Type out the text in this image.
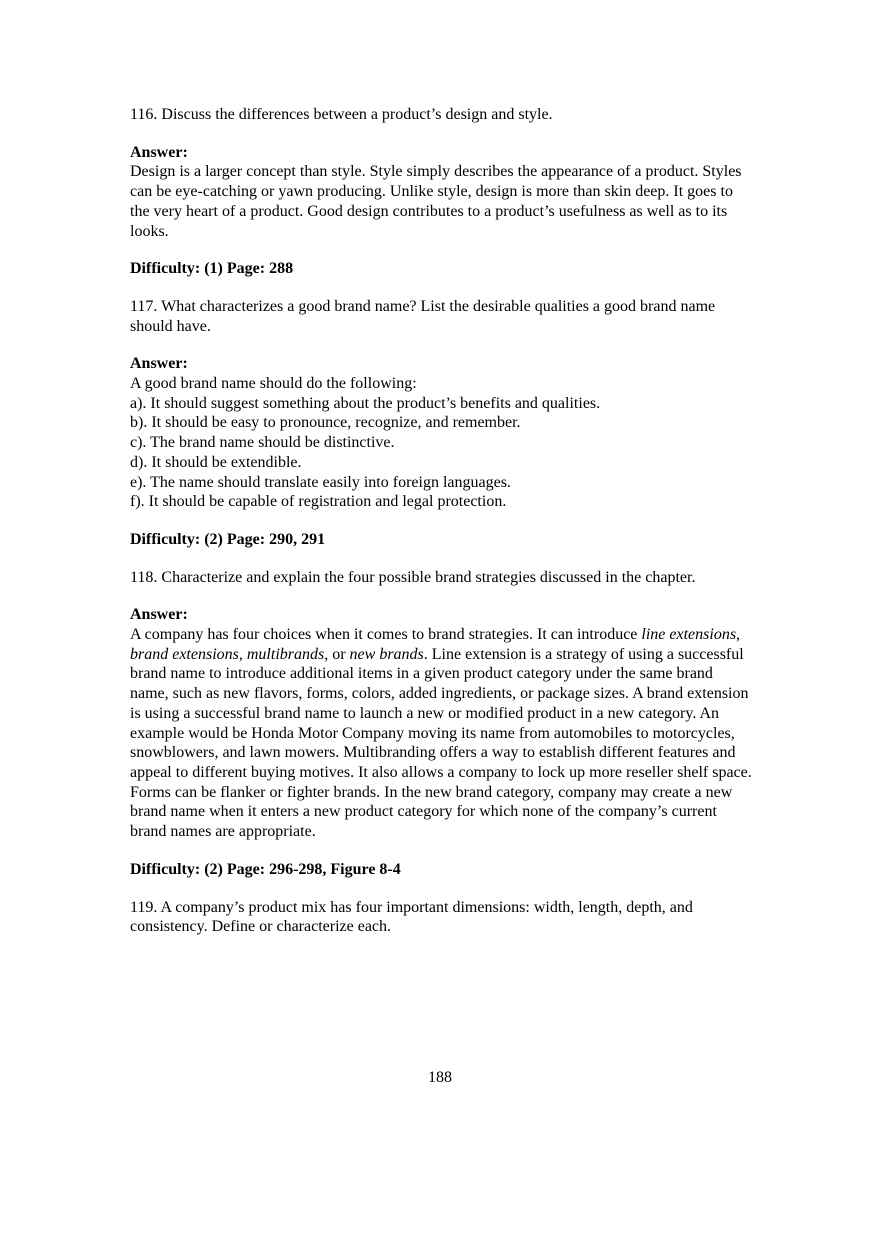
116. Discuss the differences between a product’s design and style.

Answer:

Design is a larger concept than style. Style simply describes the appearance of a product. Styles can be eye-catching or yawn producing. Unlike style, design is more than skin deep. It goes to the very heart of a product. Good design contributes to a product’s usefulness as well as to its looks.

Difficulty: (1) Page: 288

117. What characterizes a good brand name? List the desirable qualities a good brand name should have.

Answer:

A good brand name should do the following:
a). It should suggest something about the product’s benefits and qualities.
b). It should be easy to pronounce, recognize, and remember.
c). The brand name should be distinctive.
d). It should be extendible.
e). The name should translate easily into foreign languages.
f). It should be capable of registration and legal protection.

Difficulty: (2) Page: 290, 291

118. Characterize and explain the four possible brand strategies discussed in the chapter.

Answer:

A company has four choices when it comes to brand strategies. It can introduce line extensions, brand extensions, multibrands, or new brands. Line extension is a strategy of using a successful brand name to introduce additional items in a given product category under the same brand name, such as new flavors, forms, colors, added ingredients, or package sizes. A brand extension is using a successful brand name to launch a new or modified product in a new category. An example would be Honda Motor Company moving its name from automobiles to motorcycles, snowblowers, and lawn mowers. Multibranding offers a way to establish different features and appeal to different buying motives. It also allows a company to lock up more reseller shelf space. Forms can be flanker or fighter brands. In the new brand category, company may create a new brand name when it enters a new product category for which none of the company’s current brand names are appropriate.

Difficulty: (2) Page: 296-298, Figure 8-4

119. A company’s product mix has four important dimensions: width, length, depth, and consistency. Define or characterize each.

188
